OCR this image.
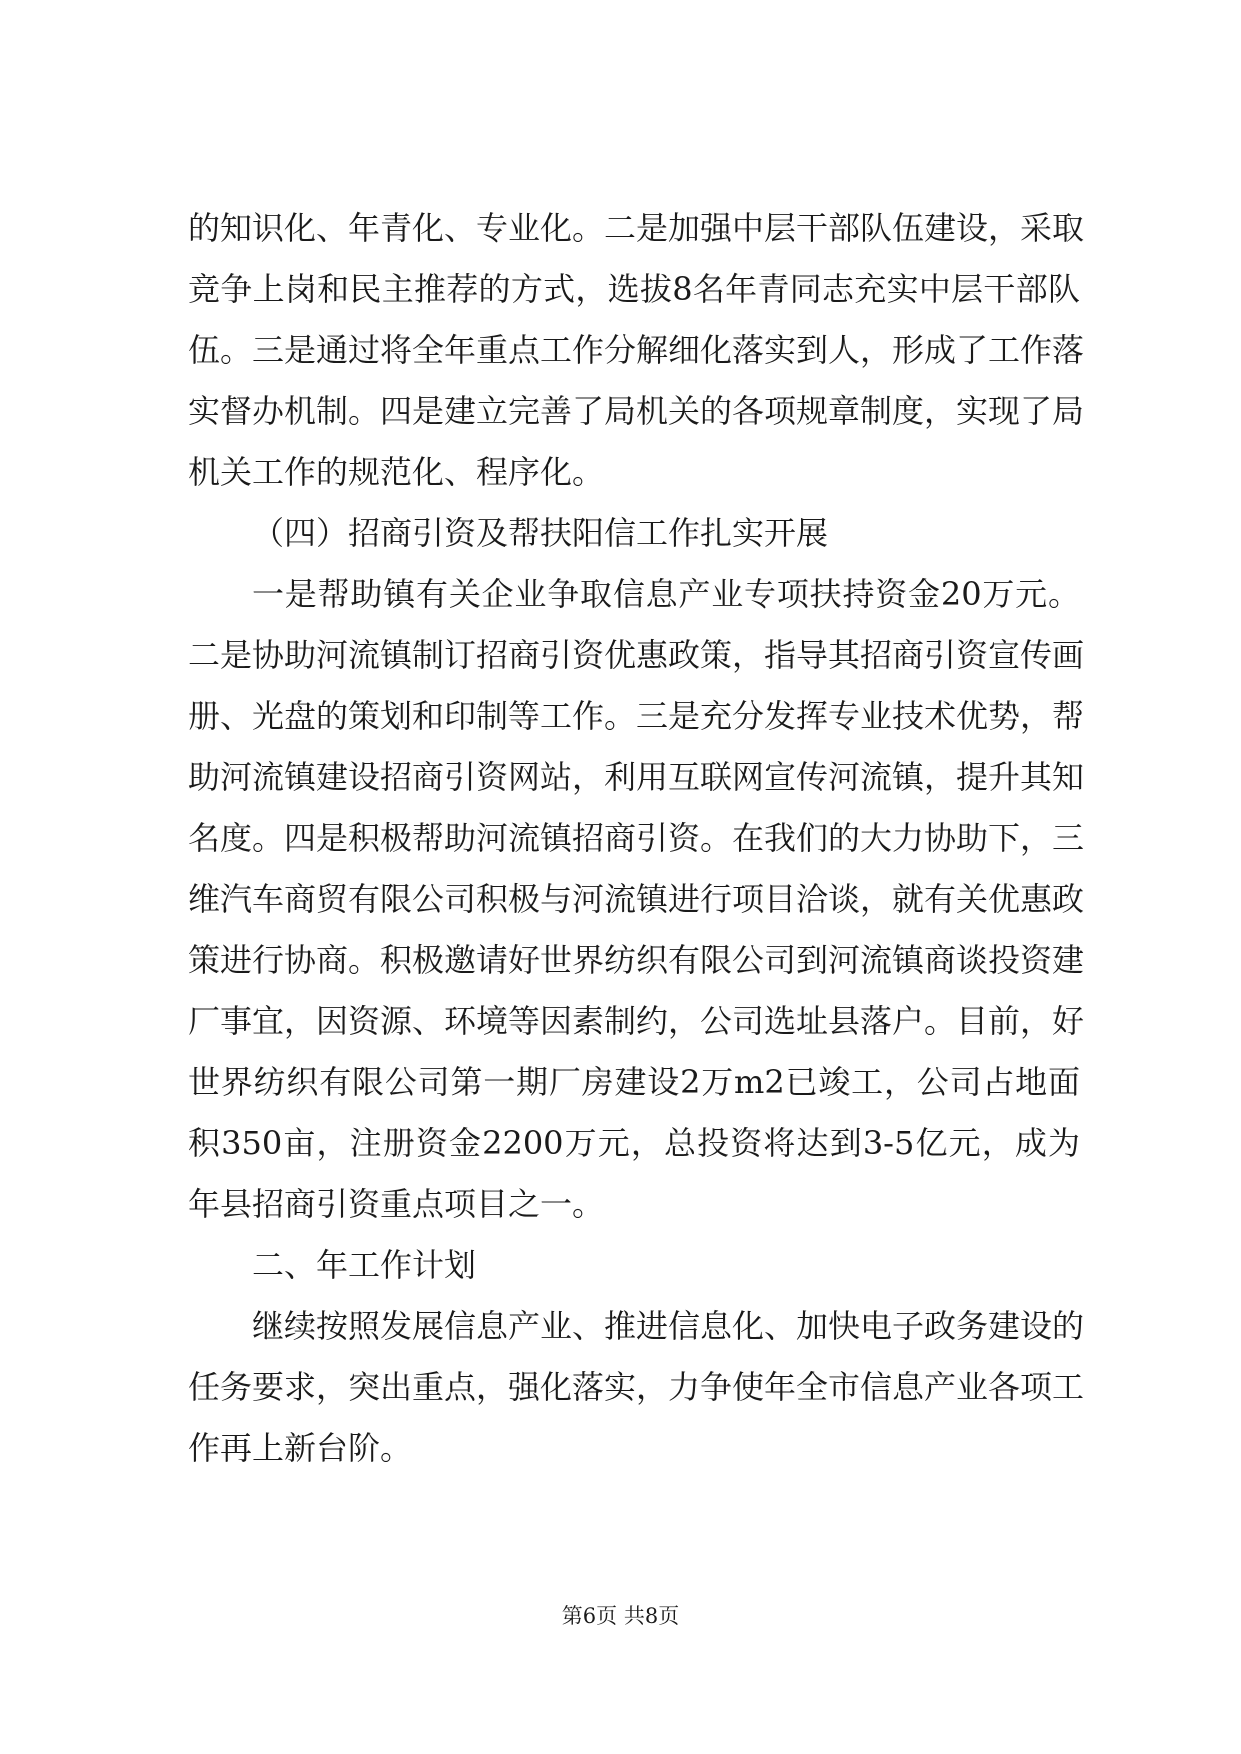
的知识化、年青化、专业化。二是加强中层干部队伍建设，采取
竞争上岗和民主推荐的方式，选拔8名年青同志充实中层干部队
伍。三是通过将全年重点工作分解细化落实到人，形成了工作落
实督办机制。四是建立完善了局机关的各项规章制度，实现了局
机关工作的规范化、程序化。
（四）招商引资及帮扶阳信工作扎实开展
一是帮助镇有关企业争取信息产业专项扶持资金20万元。
二是协助河流镇制订招商引资优惠政策，指导其招商引资宣传画
册、光盘的策划和印制等工作。三是充分发挥专业技术优势，帮
助河流镇建设招商引资网站，利用互联网宣传河流镇，提升其知
名度。四是积极帮助河流镇招商引资。在我们的大力协助下，三
维汽车商贸有限公司积极与河流镇进行项目洽谈，就有关优惠政
策进行协商。积极邀请好世界纺织有限公司到河流镇商谈投资建
厂事宜，因资源、环境等因素制约，公司选址县落户。目前，好
世界纺织有限公司第一期厂房建设2万m2已竣工，公司占地面
积350亩，注册资金2200万元，总投资将达到3-5亿元，成为
年县招商引资重点项目之一。
二、年工作计划
继续按照发展信息产业、推进信息化、加快电子政务建设的
任务要求，突出重点，强化落实，力争使年全市信息产业各项工
作再上新台阶。
第6页 共8页
